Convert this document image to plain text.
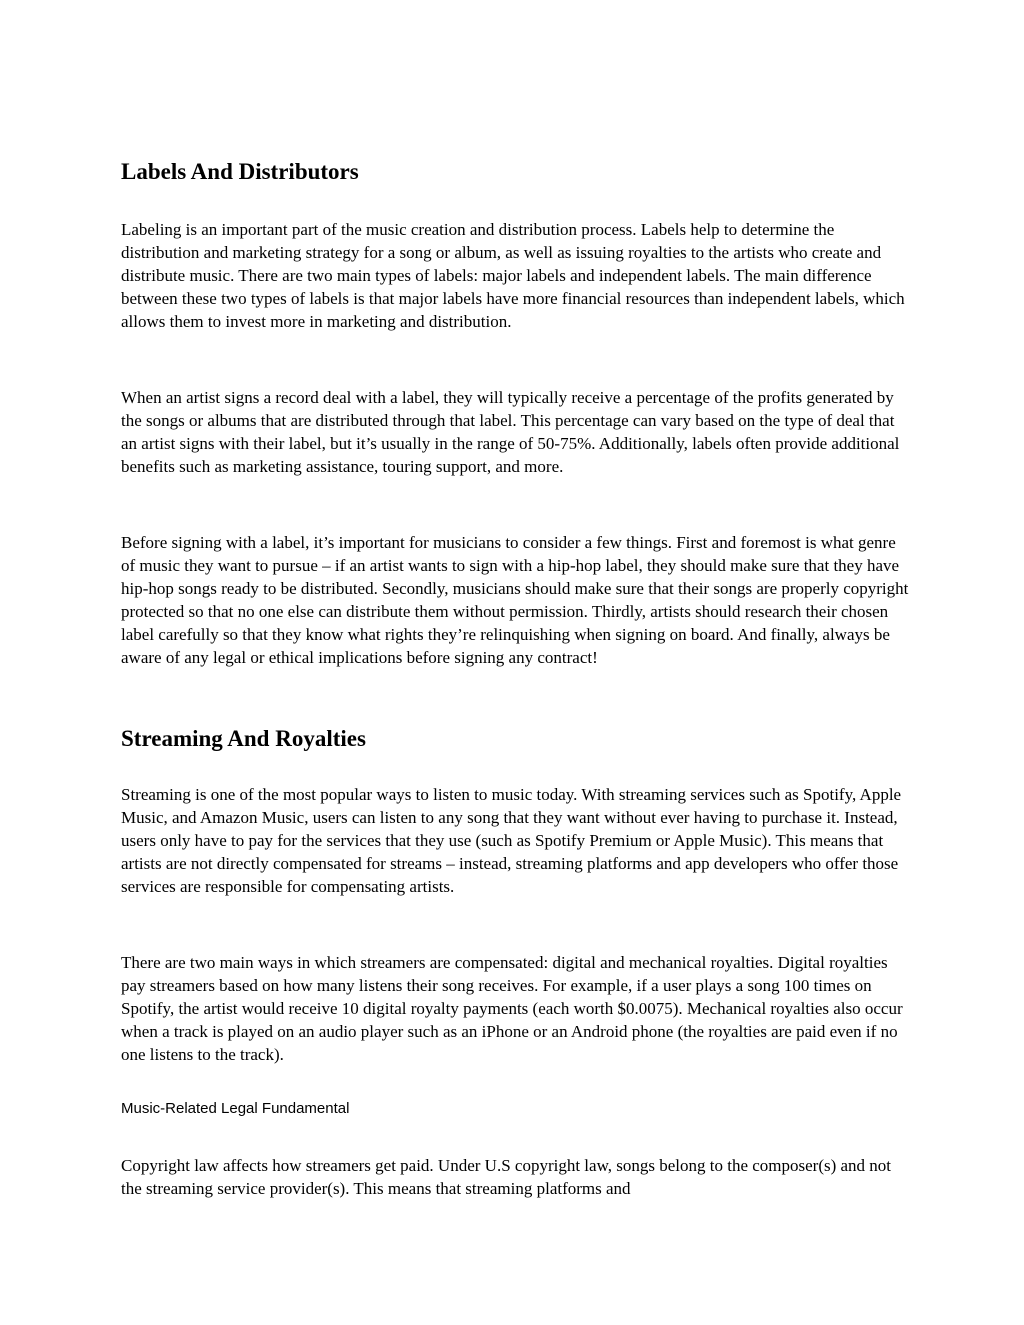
Labels And Distributors

Labeling is an important part of the music creation and distribution process. Labels help to determine the distribution and marketing strategy for a song or album, as well as issuing royalties to the artists who create and distribute music. There are two main types of labels: major labels and independent labels. The main difference between these two types of labels is that major labels have more financial resources than independent labels, which allows them to invest more in marketing and distribution.

When an artist signs a record deal with a label, they will typically receive a percentage of the profits generated by the songs or albums that are distributed through that label. This percentage can vary based on the type of deal that an artist signs with their label, but it’s usually in the range of 50-75%. Additionally, labels often provide additional benefits such as marketing assistance, touring support, and more.

Before signing with a label, it’s important for musicians to consider a few things. First and foremost is what genre of music they want to pursue – if an artist wants to sign with a hip-hop label, they should make sure that they have hip-hop songs ready to be distributed. Secondly, musicians should make sure that their songs are properly copyright protected so that no one else can distribute them without permission. Thirdly, artists should research their chosen label carefully so that they know what rights they’re relinquishing when signing on board. And finally, always be aware of any legal or ethical implications before signing any contract!

Streaming And Royalties

Streaming is one of the most popular ways to listen to music today. With streaming services such as Spotify, Apple Music, and Amazon Music, users can listen to any song that they want without ever having to purchase it. Instead, users only have to pay for the services that they use (such as Spotify Premium or Apple Music). This means that artists are not directly compensated for streams – instead, streaming platforms and app developers who offer those services are responsible for compensating artists.

There are two main ways in which streamers are compensated: digital and mechanical royalties. Digital royalties pay streamers based on how many listens their song receives. For example, if a user plays a song 100 times on Spotify, the artist would receive 10 digital royalty payments (each worth $0.0075). Mechanical royalties also occur when a track is played on an audio player such as an iPhone or an Android phone (the royalties are paid even if no one listens to the track).

Music-Related Legal Fundamental

Copyright law affects how streamers get paid. Under U.S copyright law, songs belong to the composer(s) and not the streaming service provider(s). This means that streaming platforms and
